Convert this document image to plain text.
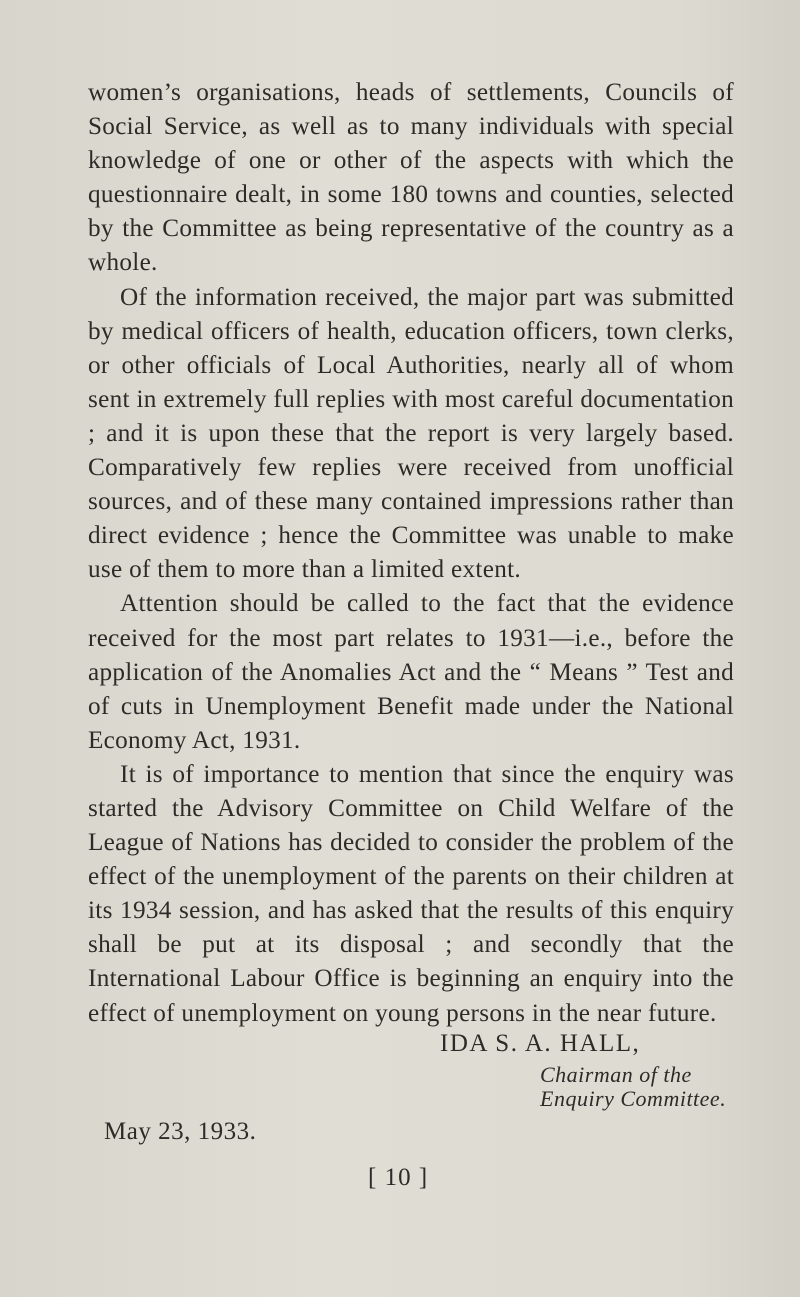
women’s organisations, heads of settlements, Councils of Social Service, as well as to many individuals with special knowledge of one or other of the aspects with which the questionnaire dealt, in some 180 towns and counties, selected by the Committee as being representative of the country as a whole.

Of the information received, the major part was submitted by medical officers of health, education officers, town clerks, or other officials of Local Authorities, nearly all of whom sent in extremely full replies with most careful documentation ; and it is upon these that the report is very largely based. Comparatively few replies were received from unofficial sources, and of these many contained impressions rather than direct evidence ; hence the Committee was unable to make use of them to more than a limited extent.

Attention should be called to the fact that the evidence received for the most part relates to 1931—i.e., before the application of the Anomalies Act and the “ Means ” Test and of cuts in Unemployment Benefit made under the National Economy Act, 1931.

It is of importance to mention that since the enquiry was started the Advisory Committee on Child Welfare of the League of Nations has decided to consider the problem of the effect of the unemployment of the parents on their children at its 1934 session, and has asked that the results of this enquiry shall be put at its disposal ; and secondly that the International Labour Office is beginning an enquiry into the effect of unemployment on young persons in the near future.

IDA S. A. HALL,
Chairman of the
Enquiry Committee.
May 23, 1933.
[ 10 ]
